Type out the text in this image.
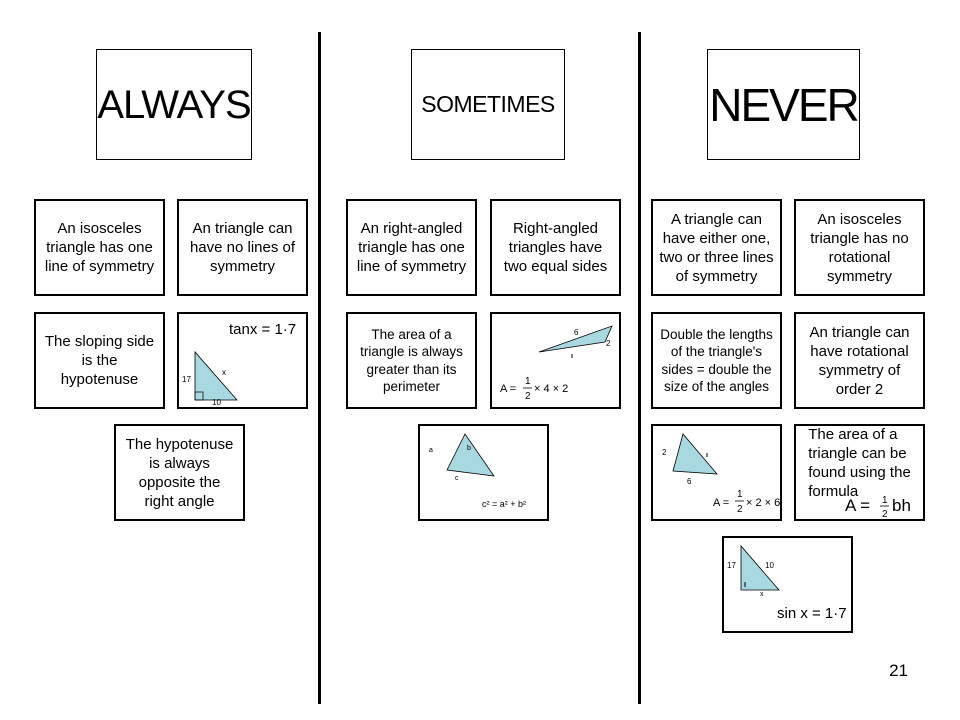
ALWAYS	SOMETIMES	NEVER
An isosceles
triangle has one
line of symmetry
An triangle can
have no lines of
symmetry
The sloping side
is the
hypotenuse
tanx = 1·7
17
10
x
The hypotenuse
is always
opposite the
right angle
An right-angled
triangle has one
line of symmetry
Right-angled
triangles have
two equal sides
The area of a
triangle is always
greater than its
perimeter
6
2
A =
1
2
× 4 × 2
a	b
c
c² = a² + b²
A triangle can
have either one,
two or three lines
of symmetry
An isosceles
triangle has no
rotational
symmetry
Double the lengths
of the triangle's
sides = double the
size of the angles
An triangle can
have rotational
symmetry of
order 2
2
6
A =
1
2
× 2 × 6
The area of a
triangle can be
found using the
formula
A = 1
2 bh
17	10
x
sin x = 1·7
21
